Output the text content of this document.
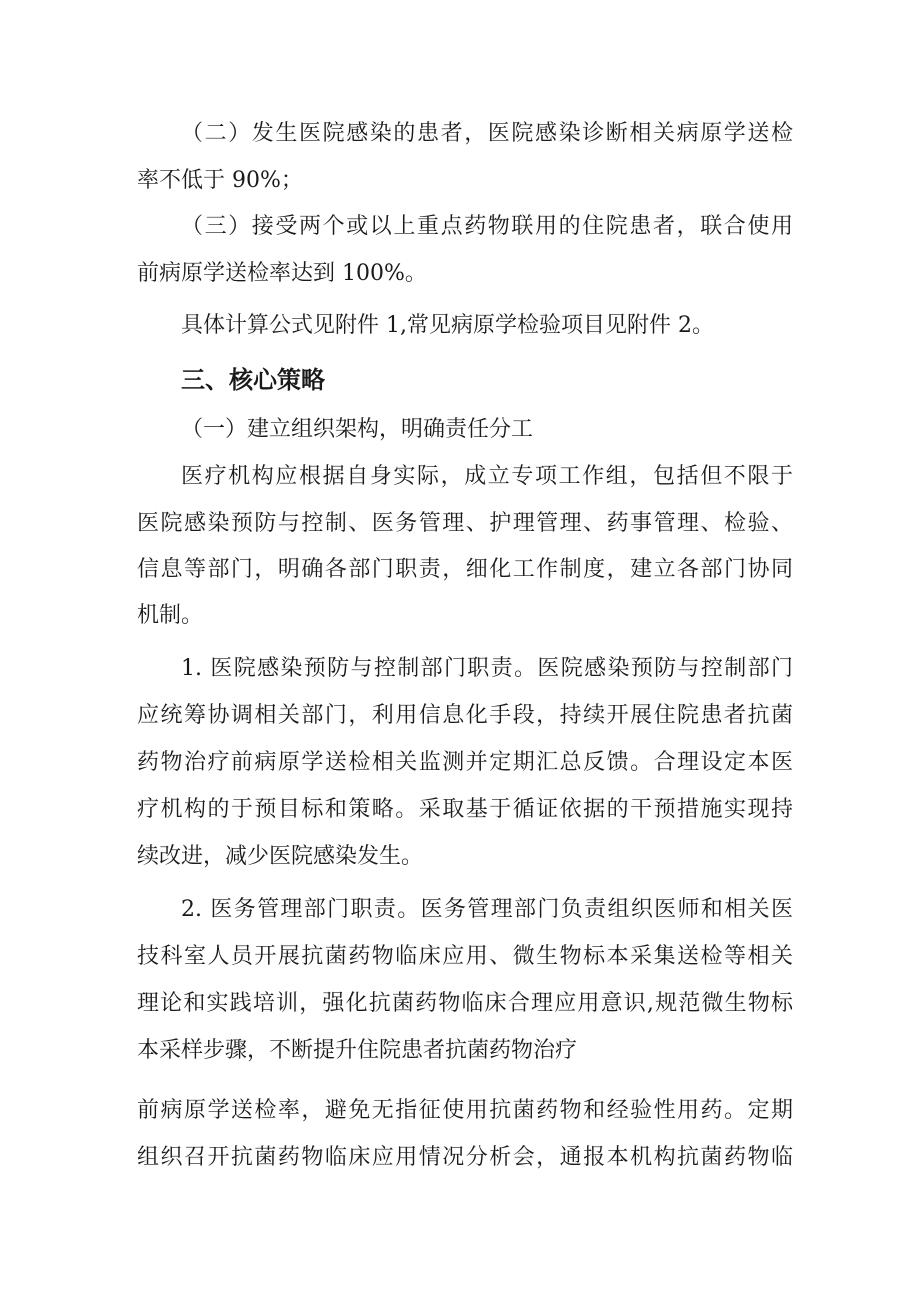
（二）发生医院感染的患者，医院感染诊断相关病原学送检
率不低于 90%；
（三）接受两个或以上重点药物联用的住院患者，联合使用
前病原学送检率达到 100%。
具体计算公式见附件 1,常见病原学检验项目见附件 2。
三、核心策略
（一）建立组织架构，明确责任分工
医疗机构应根据自身实际，成立专项工作组，包括但不限于
医院感染预防与控制、医务管理、护理管理、药事管理、检验、
信息等部门，明确各部门职责，细化工作制度，建立各部门协同
机制。
1. 医院感染预防与控制部门职责。医院感染预防与控制部门
应统筹协调相关部门，利用信息化手段，持续开展住院患者抗菌
药物治疗前病原学送检相关监测并定期汇总反馈。合理设定本医
疗机构的于预目标和策略。采取基于循证依据的干预措施实现持
续改进，减少医院感染发生。
2. 医务管理部门职责。医务管理部门负责组织医师和相关医
技科室人员开展抗菌药物临床应用、微生物标本采集送检等相关
理论和实践培训，强化抗菌药物临床合理应用意识,规范微生物标
本采样步骤，不断提升住院患者抗菌药物治疗
前病原学送检率，避免无指征使用抗菌药物和经验性用药。定期
组织召开抗菌药物临床应用情况分析会，通报本机构抗菌药物临
